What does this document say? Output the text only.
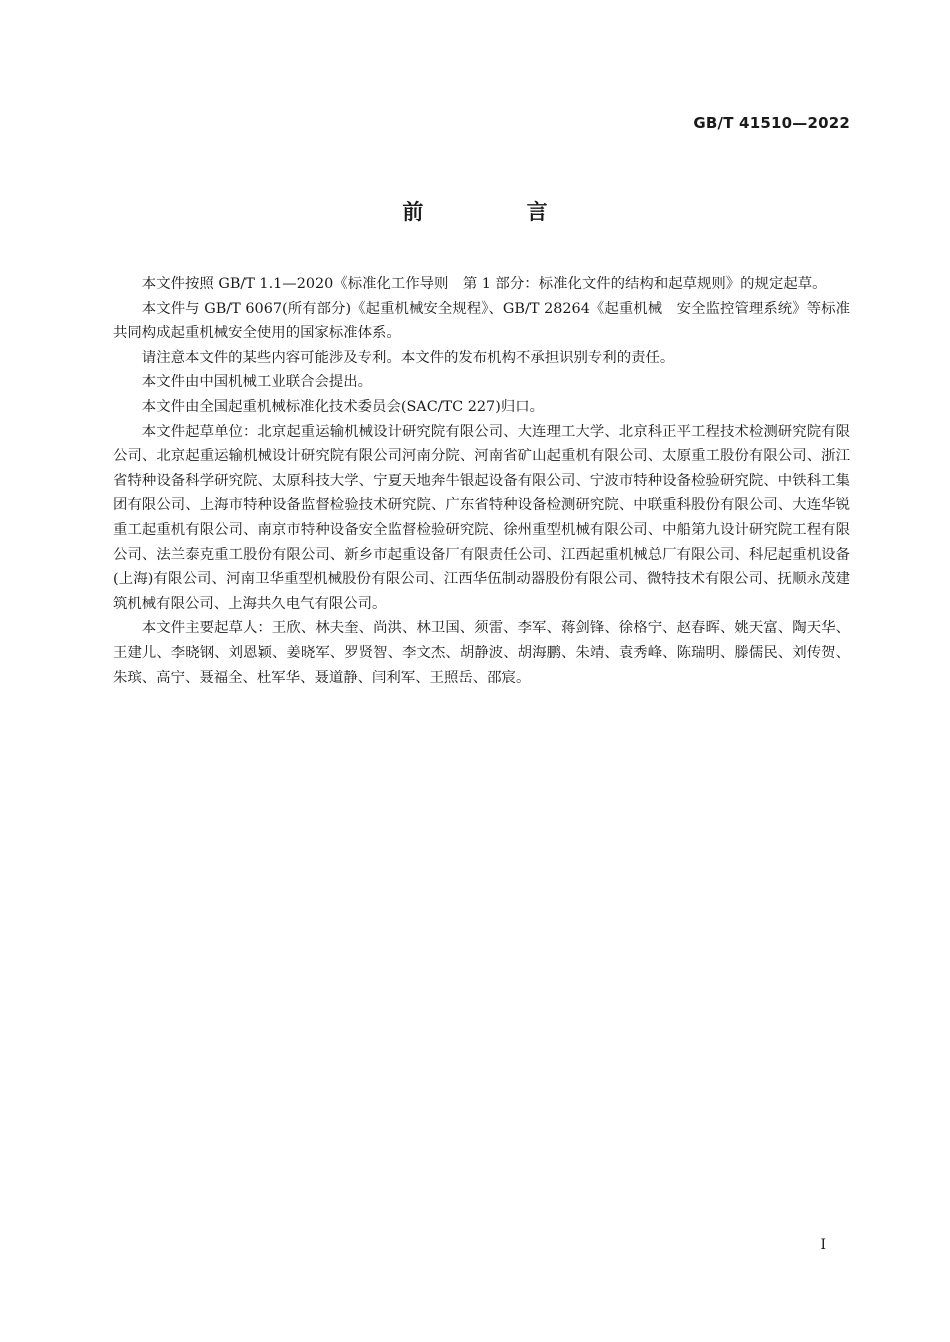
GB/T 41510—2022
前 言

本文件按照 GB/T 1.1—2020《标准化工作导则　第 1 部分：标准化文件的结构和起草规则》的规定起草。

本文件与 GB/T 6067(所有部分)《起重机械安全规程》、GB/T 28264《起重机械　安全监控管理系统》等标准共同构成起重机械安全使用的国家标准体系。

请注意本文件的某些内容可能涉及专利。本文件的发布机构不承担识别专利的责任。

本文件由中国机械工业联合会提出。

本文件由全国起重机械标准化技术委员会(SAC/TC 227)归口。

本文件起草单位：北京起重运输机械设计研究院有限公司、大连理工大学、北京科正平工程技术检测研究院有限公司、北京起重运输机械设计研究院有限公司河南分院、河南省矿山起重机有限公司、太原重工股份有限公司、浙江省特种设备科学研究院、太原科技大学、宁夏天地奔牛银起设备有限公司、宁波市特种设备检验研究院、中铁科工集团有限公司、上海市特种设备监督检验技术研究院、广东省特种设备检测研究院、中联重科股份有限公司、大连华锐重工起重机有限公司、南京市特种设备安全监督检验研究院、徐州重型机械有限公司、中船第九设计研究院工程有限公司、法兰泰克重工股份有限公司、新乡市起重设备厂有限责任公司、江西起重机械总厂有限公司、科尼起重机设备(上海)有限公司、河南卫华重型机械股份有限公司、江西华伍制动器股份有限公司、微特技术有限公司、抚顺永茂建筑机械有限公司、上海共久电气有限公司。

本文件主要起草人：王欣、林夫奎、尚洪、林卫国、须雷、李军、蒋剑锋、徐格宁、赵春晖、姚天富、陶天华、王建儿、李晓钢、刘恩颖、姜晓军、罗贤智、李文杰、胡静波、胡海鹏、朱靖、袁秀峰、陈瑞明、滕儒民、刘传贺、朱瑸、高宁、聂福全、杜军华、聂道静、闫利军、王照岳、邵宸。

I
